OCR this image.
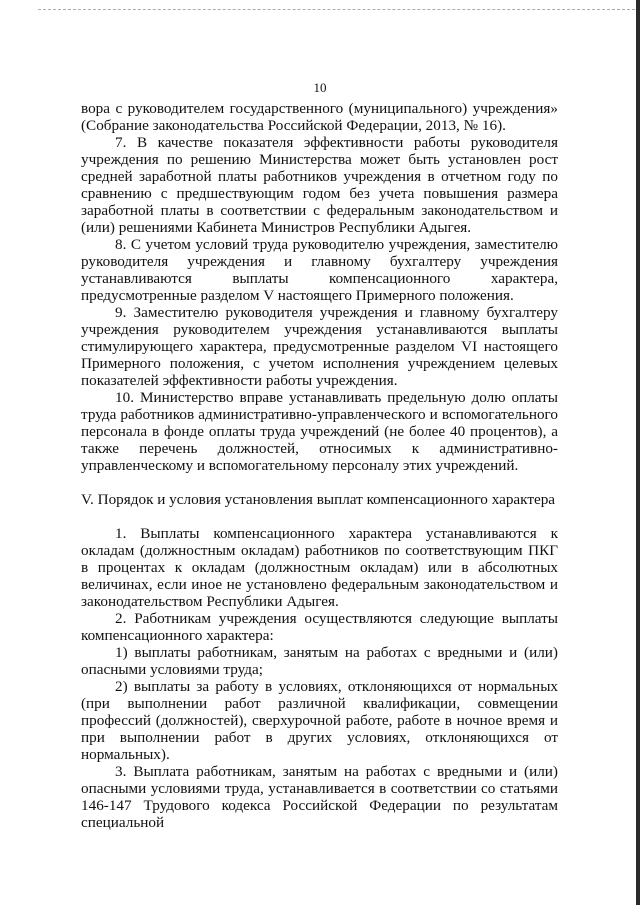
10

вора с руководителем государственного (муниципального) учреждения» (Собрание законодательства Российской Федерации, 2013, № 16).

7. В качестве показателя эффективности работы руководителя учреждения по решению Министерства может быть установлен рост средней заработной платы работников учреждения в отчетном году по сравнению с предшествующим годом без учета повышения размера заработной платы в соответствии с федеральным законодательством и (или) решениями Кабинета Министров Республики Адыгея.

8. С учетом условий труда руководителю учреждения, заместителю руководителя учреждения и главному бухгалтеру учреждения устанавливаются выплаты компенсационного характера, предусмотренные разделом V настоящего Примерного положения.

9. Заместителю руководителя учреждения и главному бухгалтеру учреждения руководителем учреждения устанавливаются выплаты стимулирующего характера, предусмотренные разделом VI настоящего Примерного положения, с учетом исполнения учреждением целевых показателей эффективности работы учреждения.

10. Министерство вправе устанавливать предельную долю оплаты труда работников административно-управленческого и вспомогательного персонала в фонде оплаты труда учреждений (не более 40 процентов), а также перечень должностей, относимых к административно-управленческому и вспомогательному персоналу этих учреждений.

V. Порядок и условия установления выплат компенсационного характера

1. Выплаты компенсационного характера устанавливаются к окладам (должностным окладам) работников по соответствующим ПКГ в процентах к окладам (должностным окладам) или в абсолютных величинах, если иное не установлено федеральным законодательством и законодательством Республики Адыгея.

2. Работникам учреждения осуществляются следующие выплаты компенсационного характера:

1) выплаты работникам, занятым на работах с вредными и (или) опасными условиями труда;

2) выплаты за работу в условиях, отклоняющихся от нормальных (при выполнении работ различной квалификации, совмещении профессий (должностей), сверхурочной работе, работе в ночное время и при выполнении работ в других условиях, отклоняющихся от нормальных).

3. Выплата работникам, занятым на работах с вредными и (или) опасными условиями труда, устанавливается в соответствии со статьями 146-147 Трудового кодекса Российской Федерации по результатам специальной
